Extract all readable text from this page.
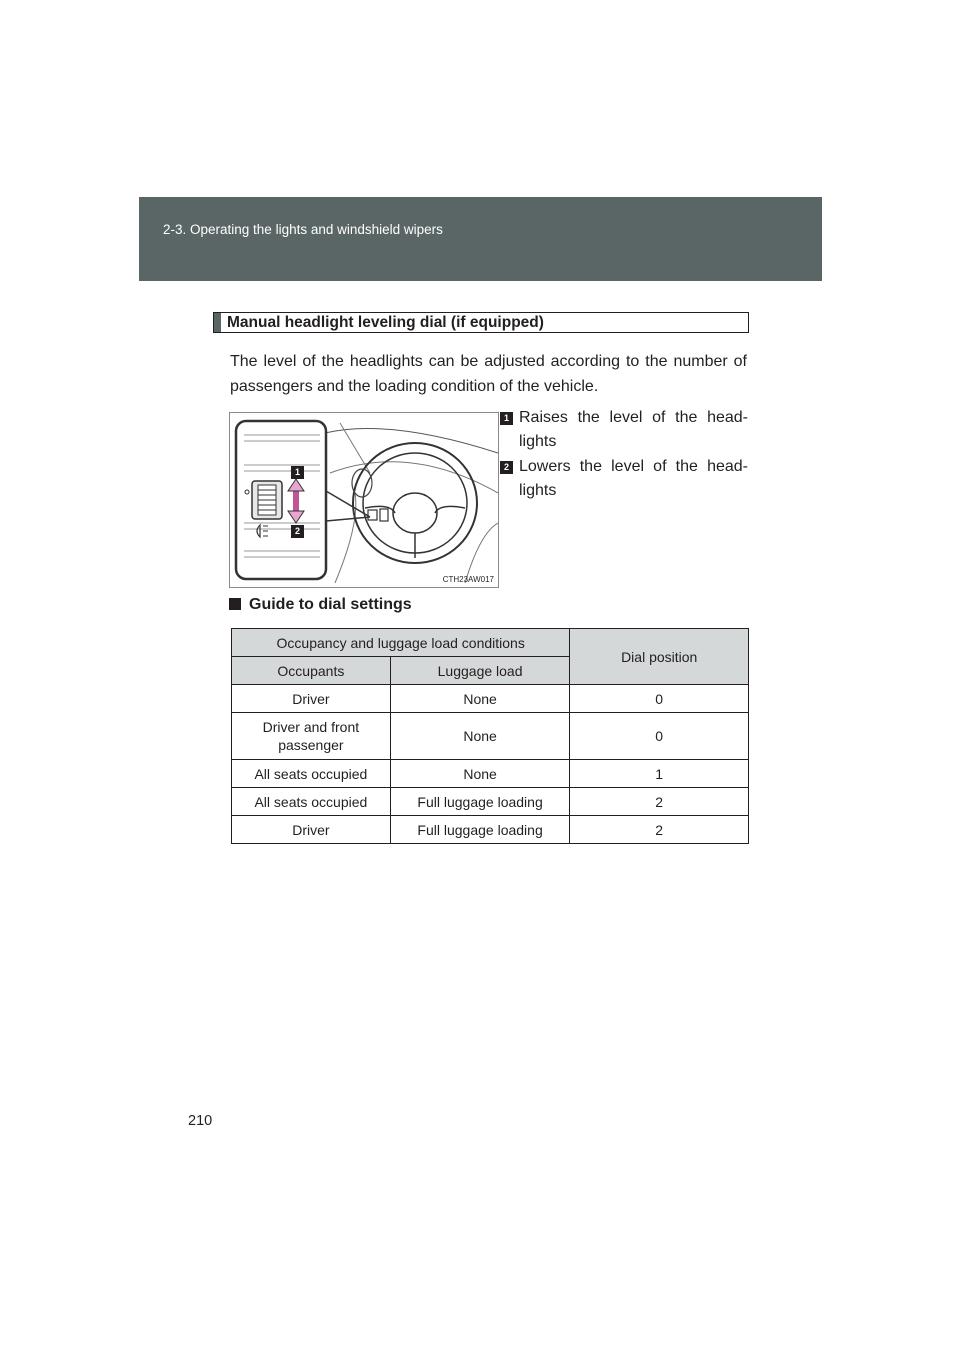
2-3. Operating the lights and windshield wipers
Manual headlight leveling dial (if equipped)
The level of the headlights can be adjusted according to the number of passengers and the loading condition of the vehicle.
1
2
CTH23AW017
1 Raises the level of the head-
lights
2 Lowers the level of the head-
lights
Guide to dial settings
Occupancy and luggage load conditions		Dial position
Occupants	Luggage load	
Driver	None	0
Driver and front passenger	None	0
All seats occupied	None	1
All seats occupied	Full luggage loading	2
Driver	Full luggage loading	2
210
